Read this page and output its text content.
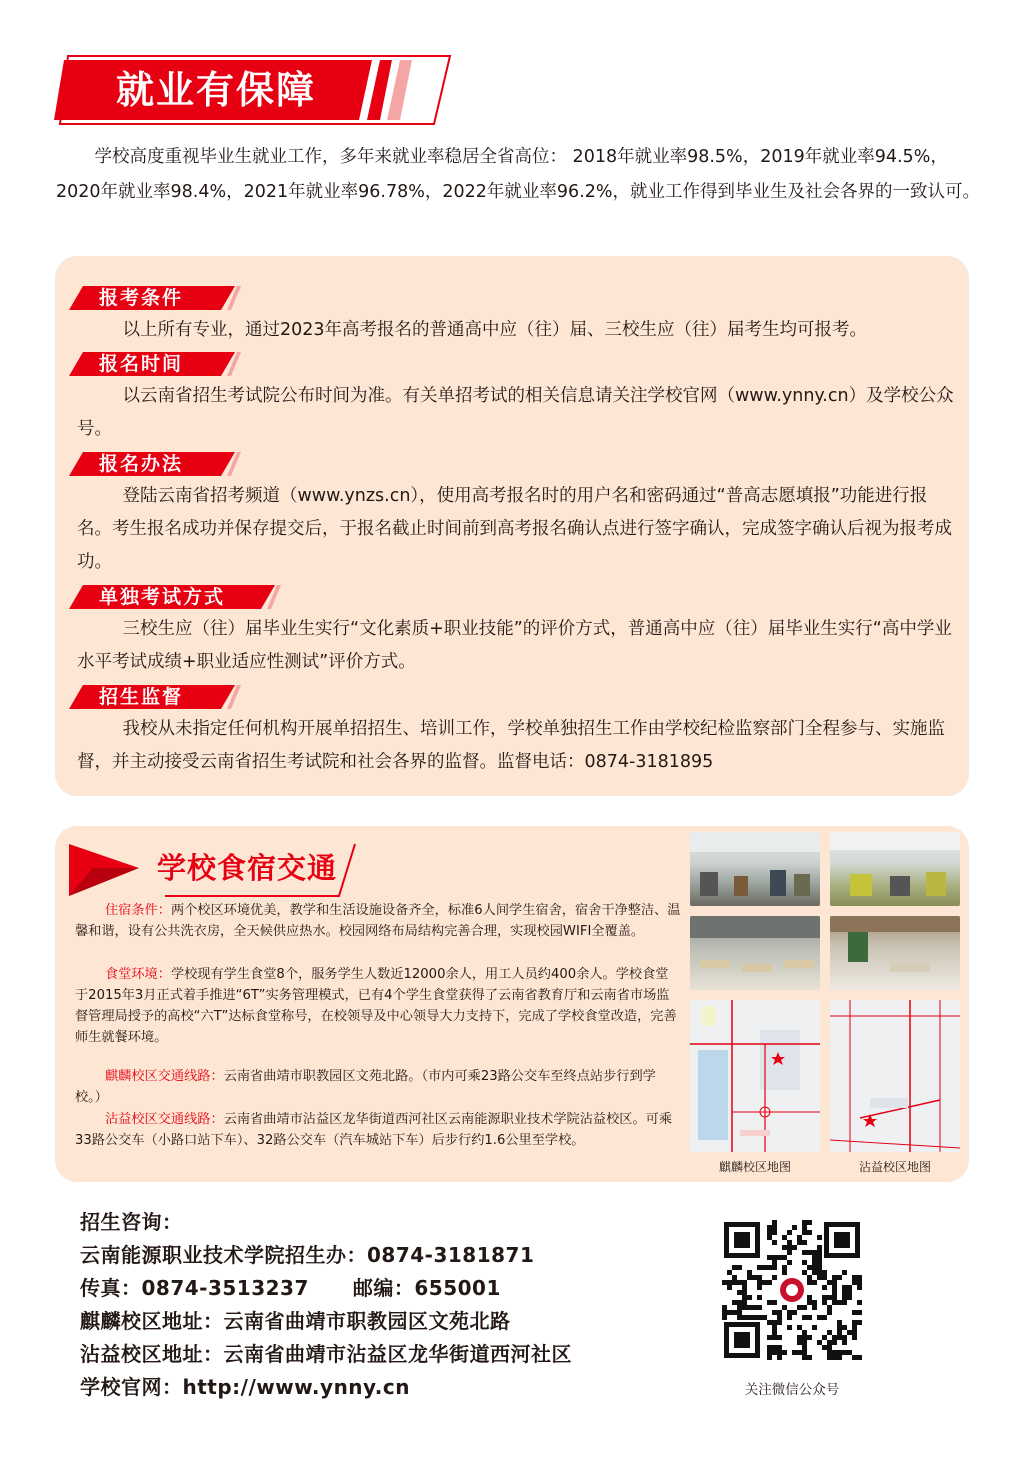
就业有保障
学校高度重视毕业生就业工作，多年来就业率稳居全省高位： 2018年就业率98.5%，2019年就业率94.5%，2020年就业率98.4%，2021年就业率96.78%，2022年就业率96.2%，就业工作得到毕业生及社会各界的一致认可。
报考条件
以上所有专业，通过2023年高考报名的普通高中应（往）届、三校生应（往）届考生均可报考。
报名时间
以云南省招生考试院公布时间为准。有关单招考试的相关信息请关注学校官网（www.ynny.cn）及学校公众号。
报名办法
登陆云南省招考频道（www.ynzs.cn），使用高考报名时的用户名和密码通过“普高志愿填报”功能进行报名。考生报名成功并保存提交后，于报名截止时间前到高考报名确认点进行签字确认，完成签字确认后视为报考成功。
单独考试方式
三校生应（往）届毕业生实行“文化素质+职业技能”的评价方式，普通高中应（往）届毕业生实行“高中学业水平考试成绩+职业适应性测试”评价方式。
招生监督
我校从未指定任何机构开展单招招生、培训工作，学校单独招生工作由学校纪检监察部门全程参与、实施监督，并主动接受云南省招生考试院和社会各界的监督。监督电话：0874-3181895
学校食宿交通
住宿条件：两个校区环境优美，教学和生活设施设备齐全，标准6人间学生宿舍，宿舍干净整洁、温馨和谐，设有公共洗衣房，全天候供应热水。校园网络布局结构完善合理，实现校园WIFI全覆盖。
食堂环境：学校现有学生食堂8个，服务学生人数近12000余人，用工人员约400余人。学校食堂于2015年3月正式着手推进“6T”实务管理模式，已有4个学生食堂获得了云南省教育厅和云南省市场监督管理局授予的高校“六T”达标食堂称号，在校领导及中心领导大力支持下，完成了学校食堂改造，完善师生就餐环境。
麒麟校区交通线路：云南省曲靖市职教园区文苑北路。（市内可乘23路公交车至终点站步行到学校。）
沾益校区交通线路：云南省曲靖市沾益区龙华街道西河社区云南能源职业技术学院沾益校区。可乘33路公交车（小路口站下车）、32路公交车（汽车城站下车）后步行约1.6公里至学校。
麒麟校区地图	沾益校区地图
招生咨询：
云南能源职业技术学院招生办：0874-3181871
传真：0874-3513237 邮编：655001
麒麟校区地址：云南省曲靖市职教园区文苑北路
沾益校区地址：云南省曲靖市沾益区龙华街道西河社区
学校官网：http://www.ynny.cn	关注微信公众号
